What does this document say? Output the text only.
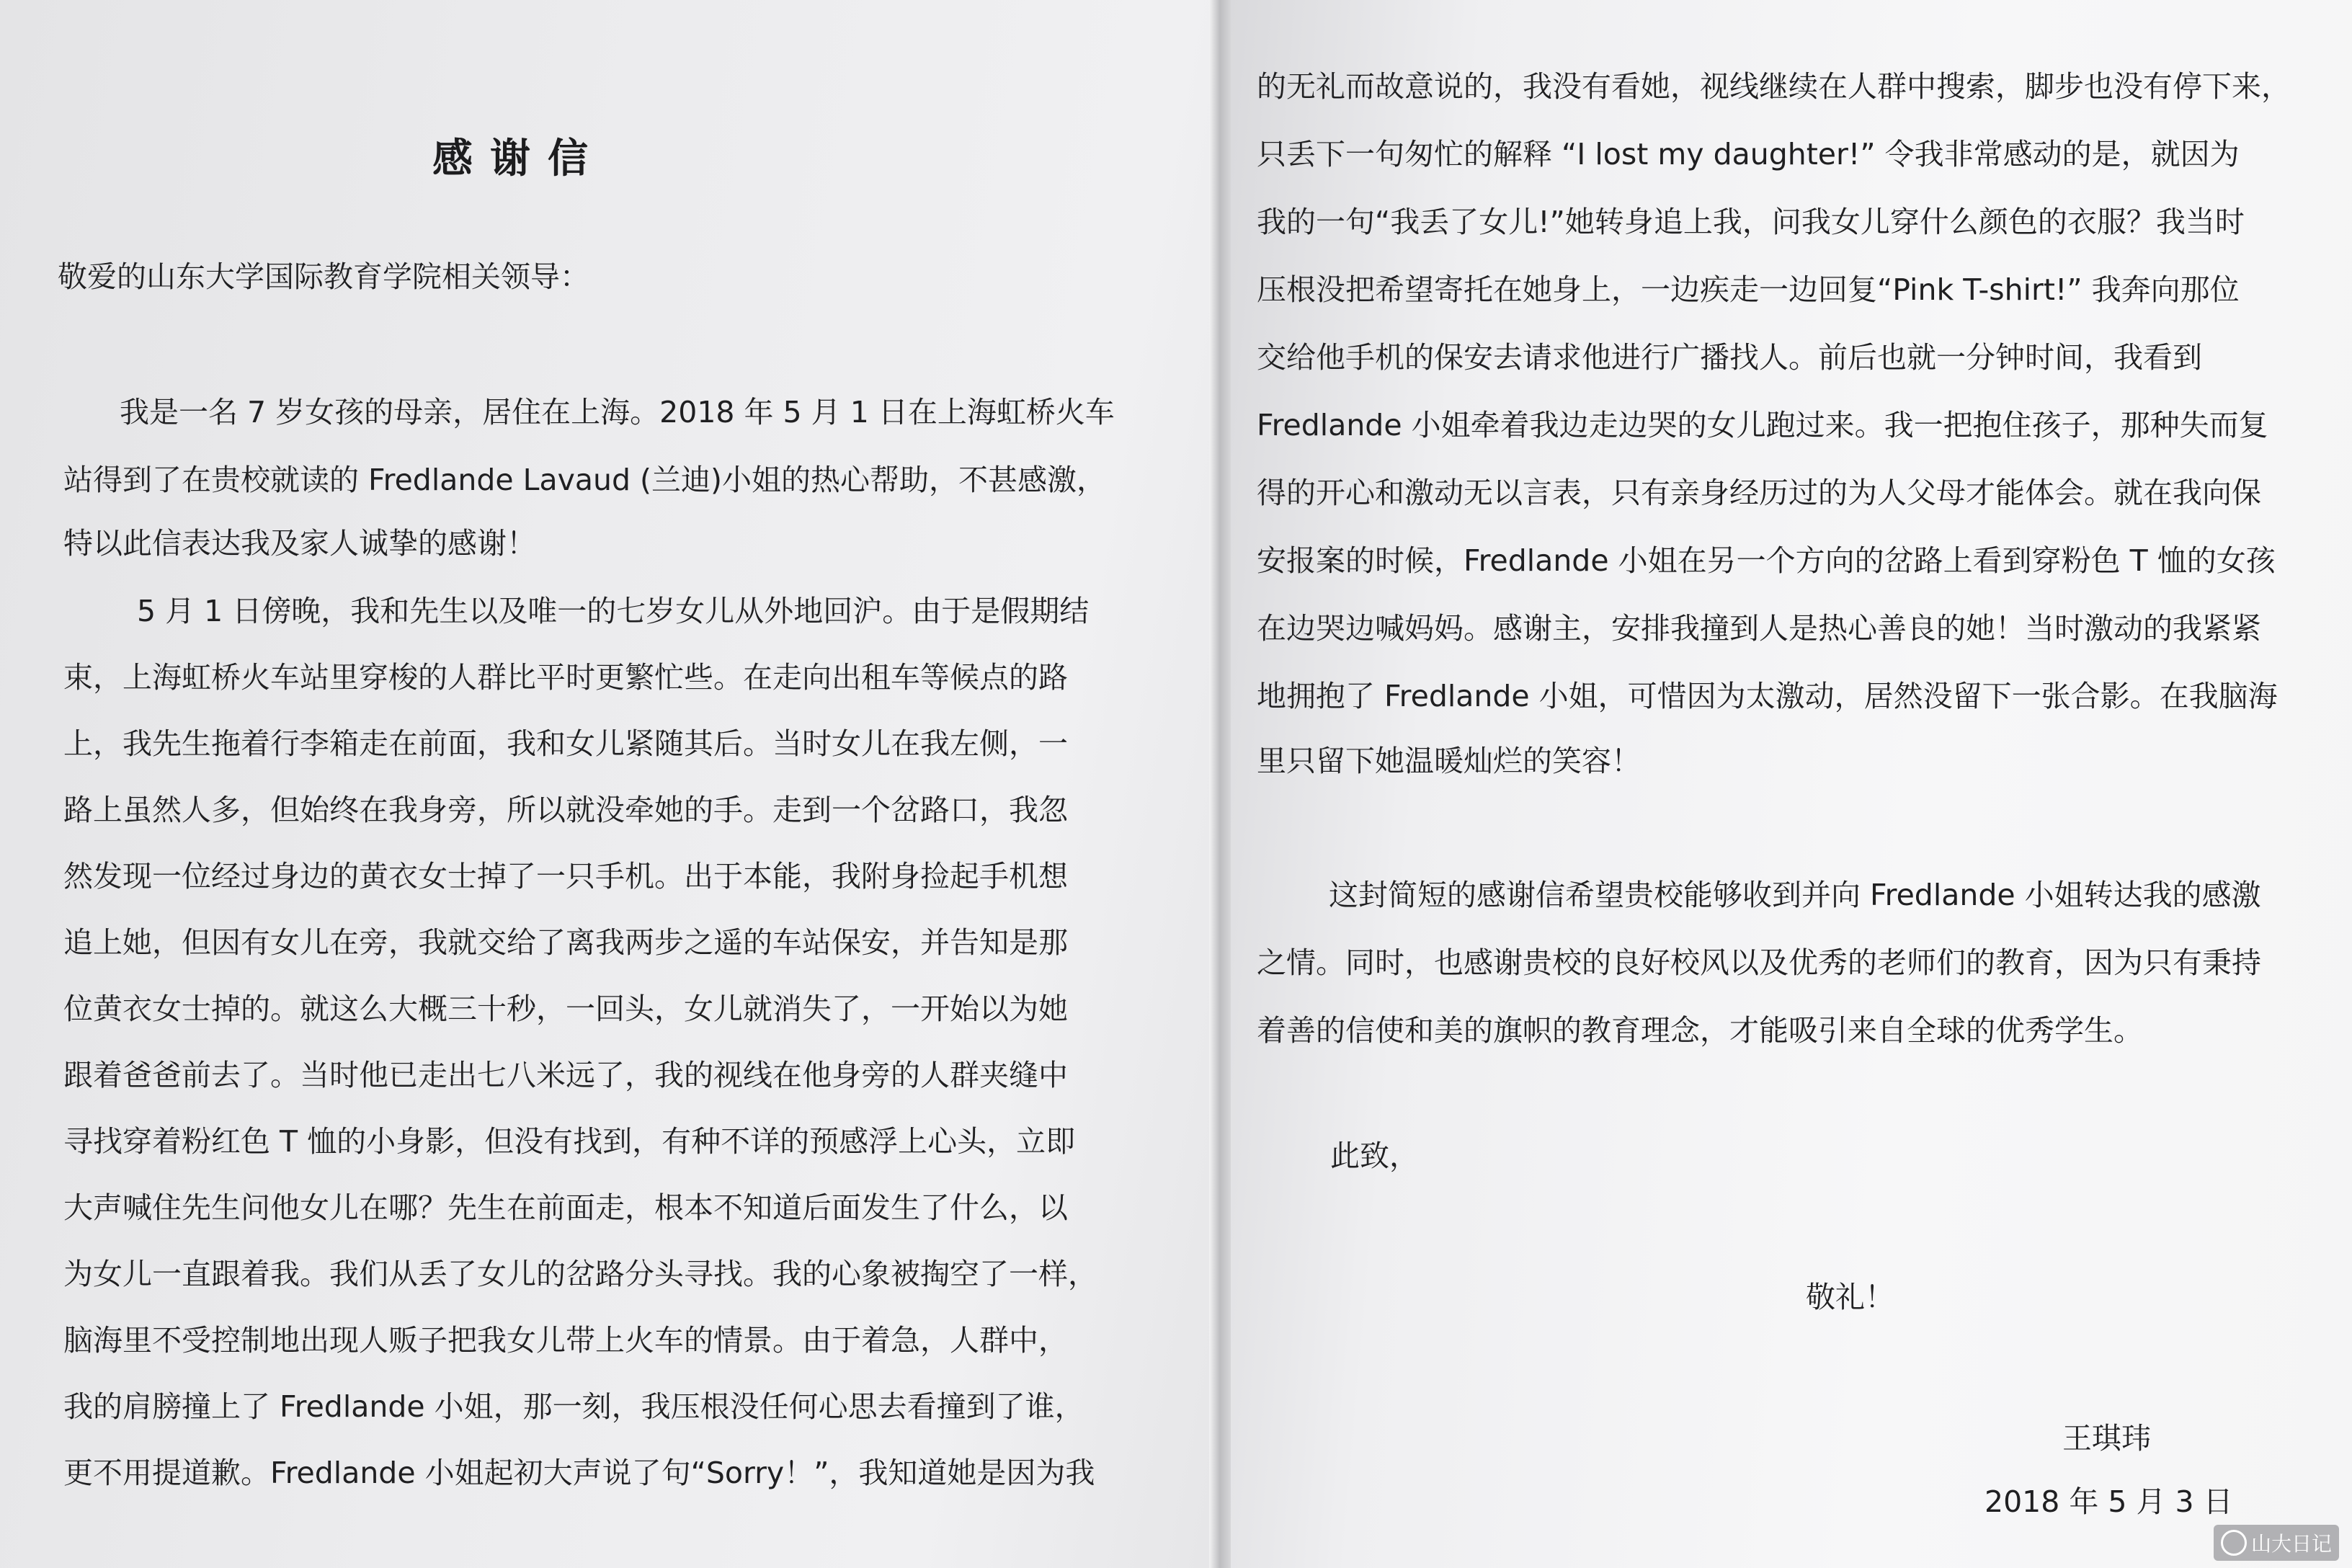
感谢信
敬爱的山东大学国际教育学院相关领导：
我是一名 7 岁女孩的母亲，居住在上海。2018 年 5 月 1 日在上海虹桥火车
站得到了在贵校就读的 Fredlande Lavaud (兰迪)小姐的热心帮助，不甚感激，
特以此信表达我及家人诚挚的感谢！
5 月 1 日傍晚，我和先生以及唯一的七岁女儿从外地回沪。由于是假期结
束，上海虹桥火车站里穿梭的人群比平时更繁忙些。在走向出租车等候点的路
上，我先生拖着行李箱走在前面，我和女儿紧随其后。当时女儿在我左侧，一
路上虽然人多，但始终在我身旁，所以就没牵她的手。走到一个岔路口，我忽
然发现一位经过身边的黄衣女士掉了一只手机。出于本能，我附身捡起手机想
追上她，但因有女儿在旁，我就交给了离我两步之遥的车站保安，并告知是那
位黄衣女士掉的。就这么大概三十秒，一回头，女儿就消失了，一开始以为她
跟着爸爸前去了。当时他已走出七八米远了，我的视线在他身旁的人群夹缝中
寻找穿着粉红色 T 恤的小身影，但没有找到，有种不详的预感浮上心头，立即
大声喊住先生问他女儿在哪？先生在前面走，根本不知道后面发生了什么，以
为女儿一直跟着我。我们从丢了女儿的岔路分头寻找。我的心象被掏空了一样，
脑海里不受控制地出现人贩子把我女儿带上火车的情景。由于着急，人群中，
我的肩膀撞上了 Fredlande 小姐，那一刻，我压根没任何心思去看撞到了谁，
更不用提道歉。Fredlande 小姐起初大声说了句“Sorry！”，我知道她是因为我
的无礼而故意说的，我没有看她，视线继续在人群中搜索，脚步也没有停下来，
只丢下一句匆忙的解释 “I lost my daughter!” 令我非常感动的是，就因为
我的一句“我丢了女儿!”她转身追上我，问我女儿穿什么颜色的衣服？我当时
压根没把希望寄托在她身上，一边疾走一边回复“Pink T-shirt!” 我奔向那位
交给他手机的保安去请求他进行广播找人。前后也就一分钟时间，我看到
Fredlande 小姐牵着我边走边哭的女儿跑过来。我一把抱住孩子，那种失而复
得的开心和激动无以言表，只有亲身经历过的为人父母才能体会。就在我向保
安报案的时候，Fredlande 小姐在另一个方向的岔路上看到穿粉色 T 恤的女孩
在边哭边喊妈妈。感谢主，安排我撞到人是热心善良的她！当时激动的我紧紧
地拥抱了 Fredlande 小姐，可惜因为太激动，居然没留下一张合影。在我脑海
里只留下她温暖灿烂的笑容！
这封简短的感谢信希望贵校能够收到并向 Fredlande 小姐转达我的感激
之情。同时，也感谢贵校的良好校风以及优秀的老师们的教育，因为只有秉持
着善的信使和美的旗帜的教育理念，才能吸引来自全球的优秀学生。
此致，
敬礼！
王琪玮
2018 年 5 月 3 日
山大日记
